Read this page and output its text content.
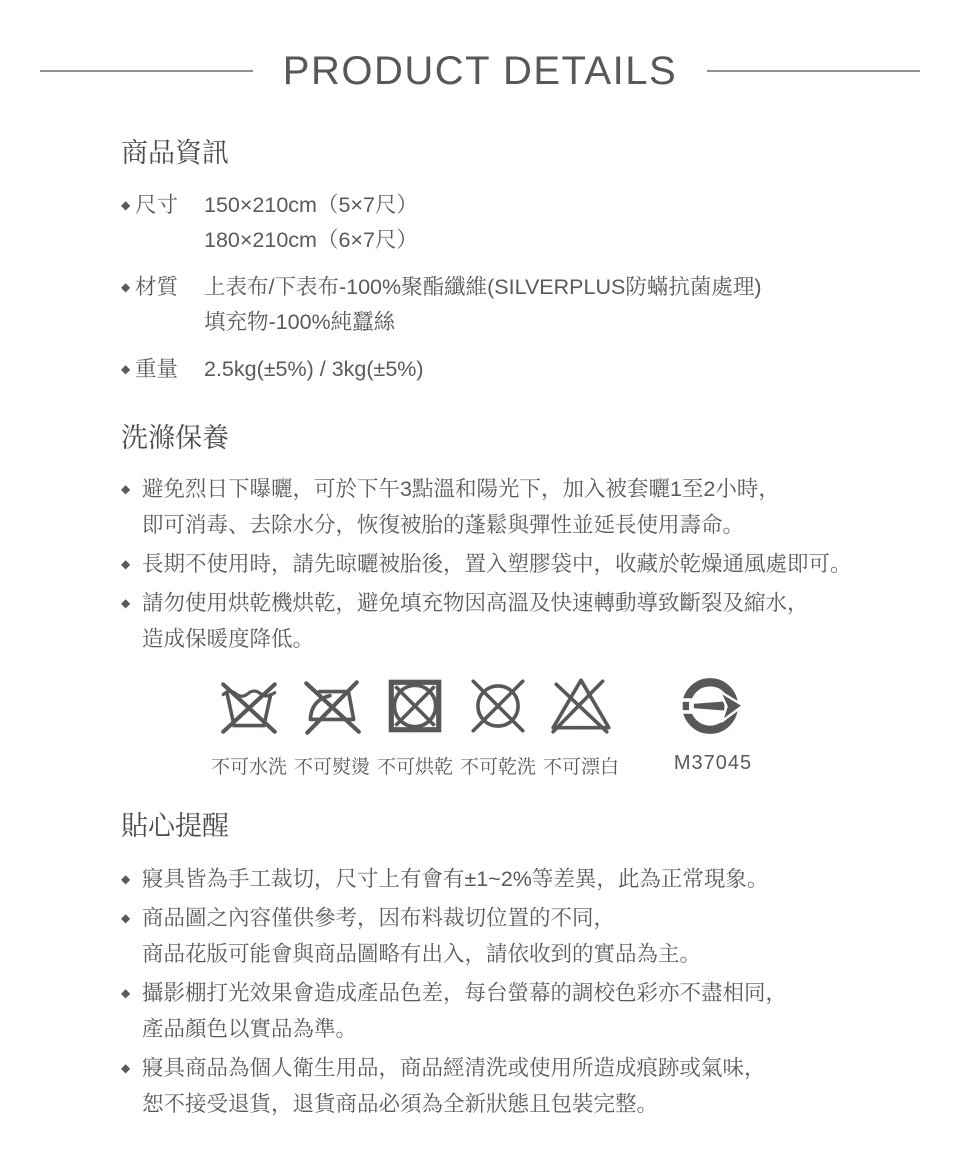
PRODUCT DETAILS
商品資訊
◆ 尺寸 150×210cm（5×7尺）
180×210cm（6×7尺）
◆ 材質 上表布/下表布-100%聚酯纖維(SILVERPLUS防蟎抗菌處理)
填充物-100%純蠶絲
◆ 重量 2.5kg(±5%) / 3kg(±5%)
洗滌保養
◆ 避免烈日下曝曬，可於下午3點溫和陽光下，加入被套曬1至2小時，
即可消毒、去除水分，恢復被胎的蓬鬆與彈性並延長使用壽命。
◆ 長期不使用時，請先晾曬被胎後，置入塑膠袋中，收藏於乾燥通風處即可。
◆ 請勿使用烘乾機烘乾，避免填充物因高溫及快速轉動導致斷裂及縮水，
造成保暖度降低。
不可水洗 不可熨燙 不可烘乾 不可乾洗 不可漂白	M37045
貼心提醒
◆ 寢具皆為手工裁切，尺寸上有會有±1~2%等差異，此為正常現象。
◆ 商品圖之內容僅供參考，因布料裁切位置的不同，
商品花版可能會與商品圖略有出入，請依收到的實品為主。
◆ 攝影棚打光效果會造成產品色差，每台螢幕的調校色彩亦不盡相同，
產品顏色以實品為準。
◆ 寢具商品為個人衛生用品，商品經清洗或使用所造成痕跡或氣味，
恕不接受退貨，退貨商品必須為全新狀態且包裝完整。
